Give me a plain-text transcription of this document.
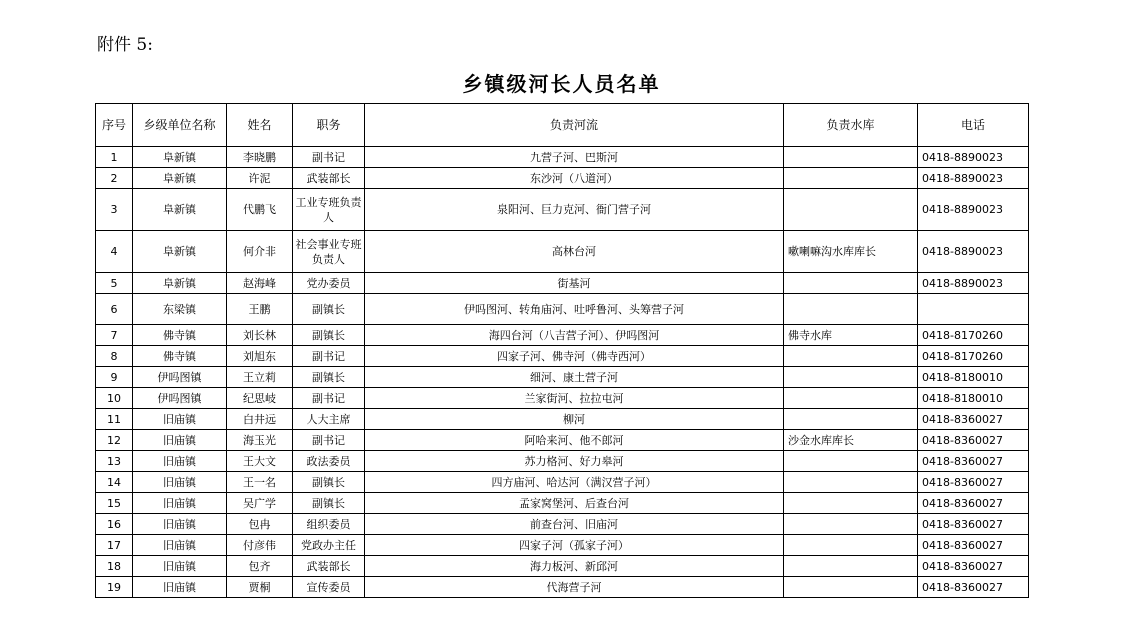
附件 5:
乡镇级河长人员名单
序号	乡级单位名称	姓名	职务	负责河流	负责水库	电话
1	阜新镇	李晓鹏	副书记	九营子河、巴斯河		0418-8890023
2	阜新镇	许泥	武装部长	东沙河（八道河）		0418-8890023
3	阜新镇	代鹏飞	工业专班负责人	泉阳河、巨力克河、衙门营子河		0418-8890023
4	阜新镇	何介非	社会事业专班负责人	高林台河	嗽喇嘛沟水库库长	0418-8890023
5	阜新镇	赵海峰	党办委员	街基河		0418-8890023
6	东梁镇	王鹏	副镇长	伊吗图河、转角庙河、吐呼鲁河、头筹营子河		
7	佛寺镇	刘长林	副镇长	海四台河（八吉营子河）、伊吗图河	佛寺水库	0418-8170260
8	佛寺镇	刘旭东	副书记	四家子河、佛寺河（佛寺西河）		0418-8170260
9	伊吗图镇	王立莉	副镇长	细河、康土营子河		0418-8180010
10	伊吗图镇	纪思岐	副书记	兰家街河、拉拉屯河		0418-8180010
11	旧庙镇	白井远	人大主席	柳河		0418-8360027
12	旧庙镇	海玉光	副书记	阿哈来河、他不郎河	沙金水库库长	0418-8360027
13	旧庙镇	王大文	政法委员	苏力格河、好力皋河		0418-8360027
14	旧庙镇	王一名	副镇长	四方庙河、哈达河（满汉营子河）		0418-8360027
15	旧庙镇	吴广学	副镇长	孟家窝堡河、后查台河		0418-8360027
16	旧庙镇	包冉	组织委员	前查台河、旧庙河		0418-8360027
17	旧庙镇	付彦伟	党政办主任	四家子河（孤家子河）		0418-8360027
18	旧庙镇	包齐	武装部长	海力板河、新邱河		0418-8360027
19	旧庙镇	贾桐	宣传委员	代海营子河		0418-8360027
